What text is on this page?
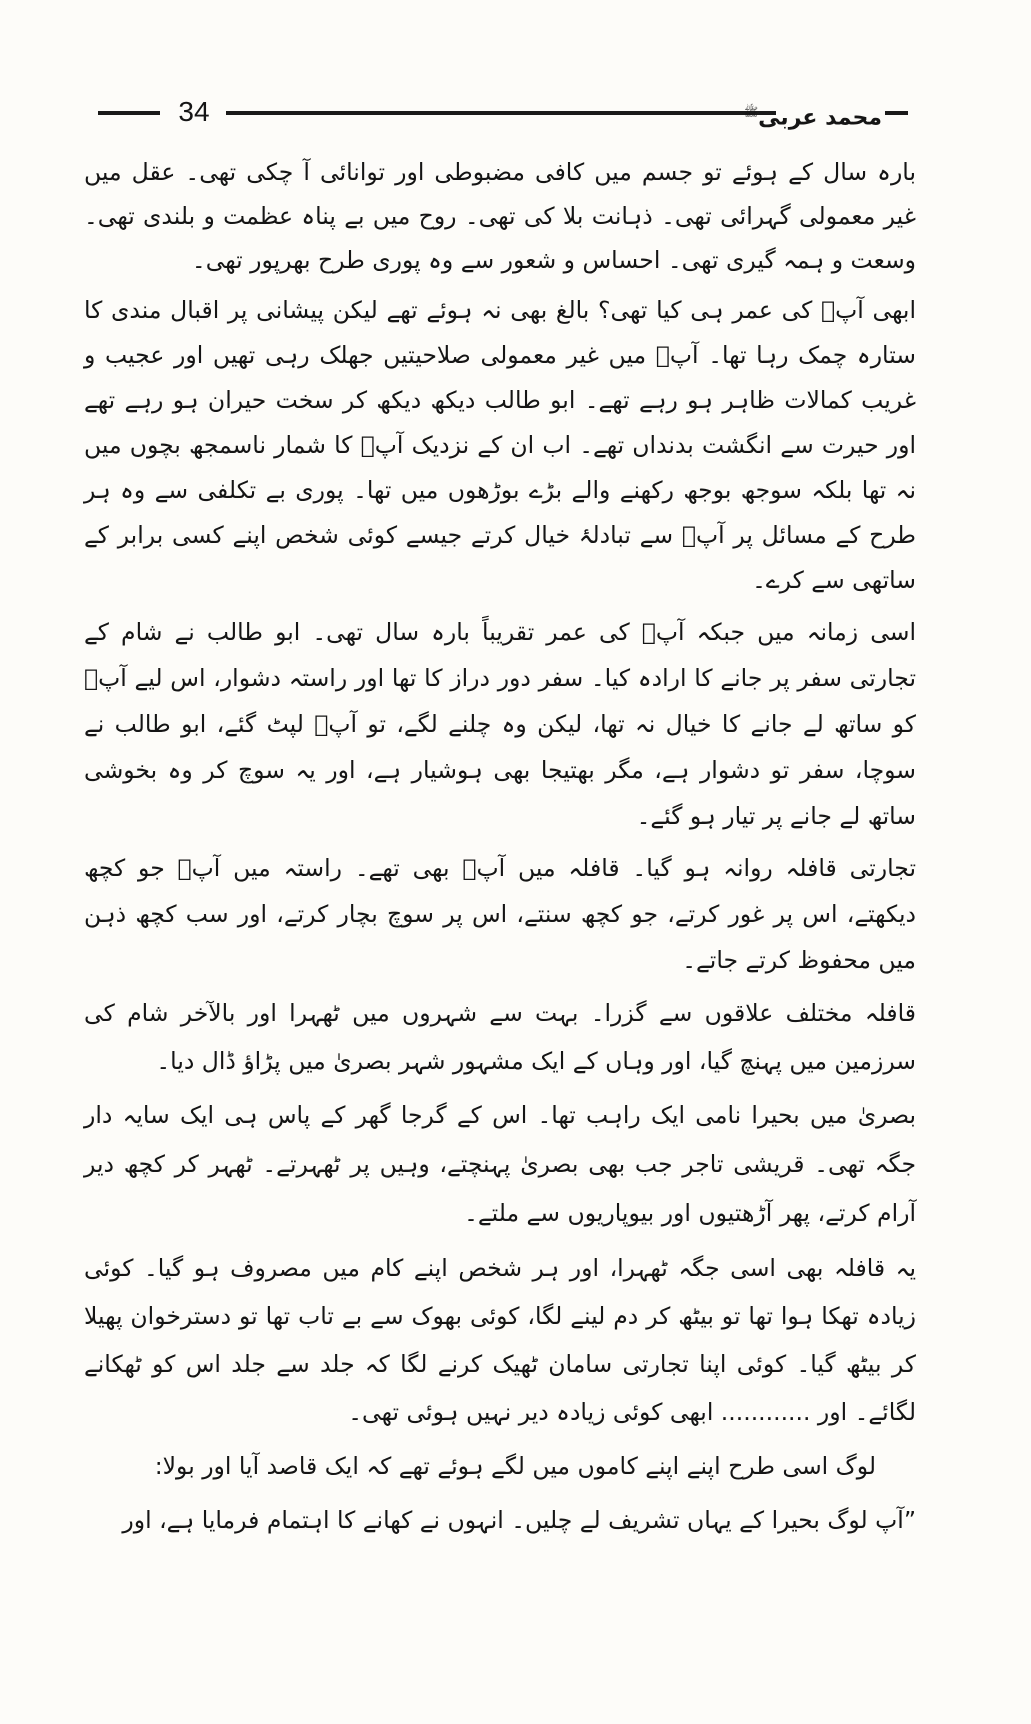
34	محمد عربی$^ﷺ$

بارہ سال کے ہوئے تو جسم میں کافی مضبوطی اور توانائی آ چکی تھی۔ عقل میں غیر معمولی گہرائی تھی۔ ذہانت بلا کی تھی۔ روح میں بے پناہ عظمت و بلندی تھی۔ وسعت و ہمہ گیری تھی۔ احساس و شعور سے وہ پوری طرح بھرپور تھی۔

ابھی آپؐ کی عمر ہی کیا تھی؟ بالغ بھی نہ ہوئے تھے لیکن پیشانی پر اقبال مندی کا ستارہ چمک رہا تھا۔ آپؐ میں غیر معمولی صلاحیتیں جھلک رہی تھیں اور عجیب و غریب کمالات ظاہر ہو رہے تھے۔ ابو طالب دیکھ دیکھ کر سخت حیران ہو رہے تھے اور حیرت سے انگشت بدنداں تھے۔ اب ان کے نزدیک آپؐ کا شمار ناسمجھ بچوں میں نہ تھا بلکہ سوجھ بوجھ رکھنے والے بڑے بوڑھوں میں تھا۔ پوری بے تکلفی سے وہ ہر طرح کے مسائل پر آپؐ سے تبادلۂ خیال کرتے جیسے کوئی شخص اپنے کسی برابر کے ساتھی سے کرے۔

اسی زمانہ میں جبکہ آپؐ کی عمر تقریباً بارہ سال تھی۔ ابو طالب نے شام کے تجارتی سفر پر جانے کا ارادہ کیا۔ سفر دور دراز کا تھا اور راستہ دشوار، اس لیے آپؐ کو ساتھ لے جانے کا خیال نہ تھا، لیکن وہ چلنے لگے، تو آپؐ لپٹ گئے، ابو طالب نے سوچا، سفر تو دشوار ہے، مگر بھتیجا بھی ہوشیار ہے، اور یہ سوچ کر وہ بخوشی ساتھ لے جانے پر تیار ہو گئے۔

تجارتی قافلہ روانہ ہو گیا۔ قافلہ میں آپؐ بھی تھے۔ راستہ میں آپؐ جو کچھ دیکھتے، اس پر غور کرتے، جو کچھ سنتے، اس پر سوچ بچار کرتے، اور سب کچھ ذہن میں محفوظ کرتے جاتے۔

قافلہ مختلف علاقوں سے گزرا۔ بہت سے شہروں میں ٹھہرا اور بالآخر شام کی سرزمین میں پہنچ گیا، اور وہاں کے ایک مشہور شہر بصریٰ میں پڑاؤ ڈال دیا۔

بصریٰ میں بحیرا نامی ایک راہب تھا۔ اس کے گرجا گھر کے پاس ہی ایک سایہ دار جگہ تھی۔ قریشی تاجر جب بھی بصریٰ پہنچتے، وہیں پر ٹھہرتے۔ ٹھہر کر کچھ دیر آرام کرتے، پھر آڑھتیوں اور بیوپاریوں سے ملتے۔

یہ قافلہ بھی اسی جگہ ٹھہرا، اور ہر شخص اپنے کام میں مصروف ہو گیا۔ کوئی زیادہ تھکا ہوا تھا تو بیٹھ کر دم لینے لگا، کوئی بھوک سے بے تاب تھا تو دسترخوان پھیلا کر بیٹھ گیا۔ کوئی اپنا تجارتی سامان ٹھیک کرنے لگا کہ جلد سے جلد اس کو ٹھکانے لگائے۔ اور ............ ابھی کوئی زیادہ دیر نہیں ہوئی تھی۔

لوگ اسی طرح اپنے اپنے کاموں میں لگے ہوئے تھے کہ ایک قاصد آیا اور بولا:

”آپ لوگ بحیرا کے یہاں تشریف لے چلیں۔ انہوں نے کھانے کا اہتمام فرمایا ہے، اور
